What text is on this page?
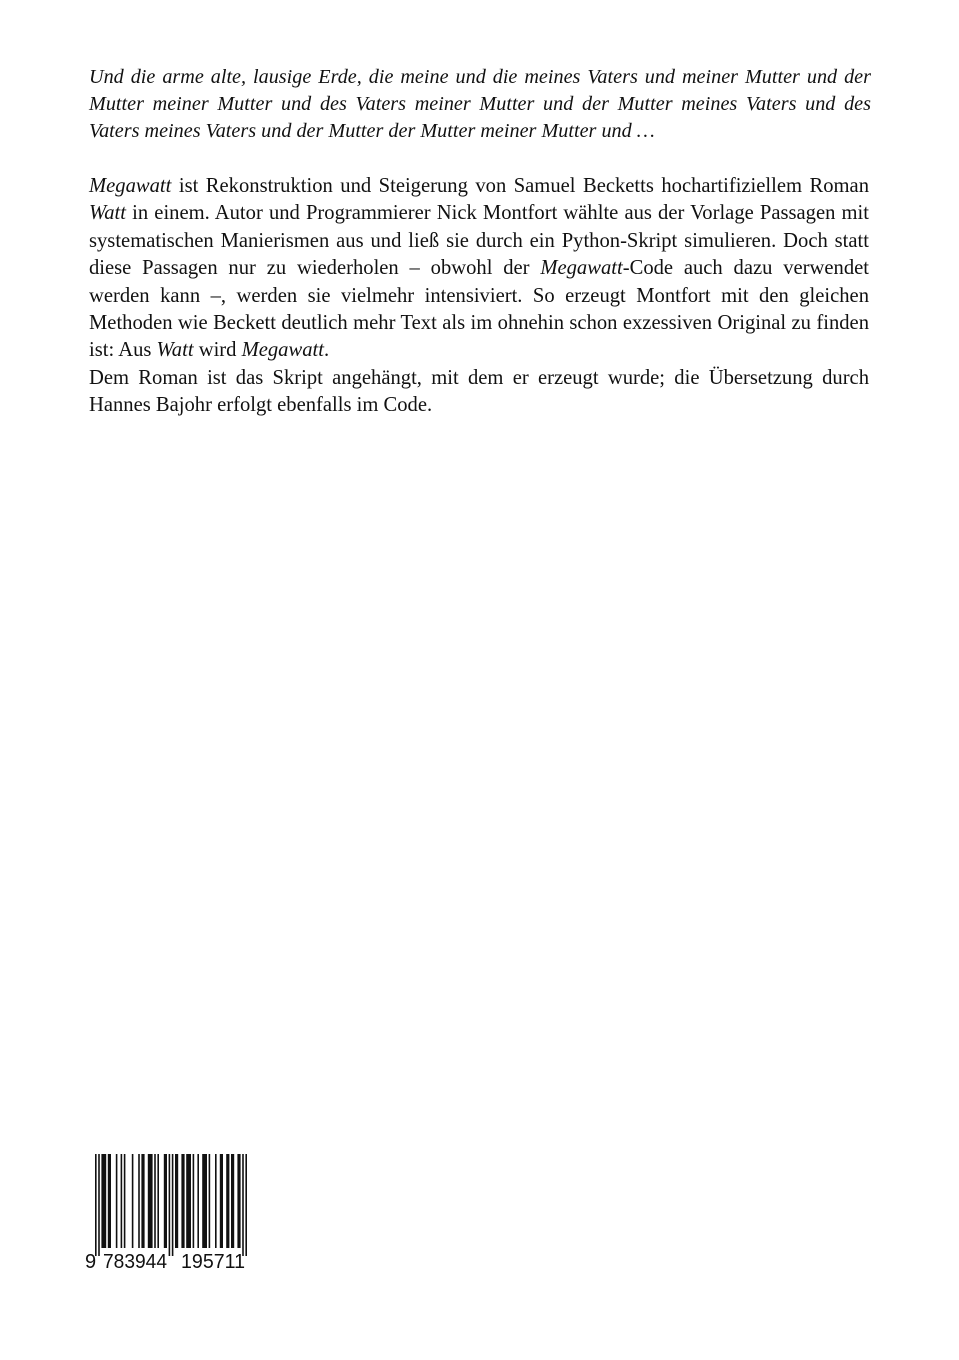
Und die arme alte, lausige Erde, die meine und die meines Vaters und meiner Mutter und der Mutter meiner Mutter und des Vaters meiner Mutter und der Mutter meines Vaters und des Vaters meines Vaters und der Mutter der Mutter meiner Mutter und …

Megawatt ist Rekonstruktion und Steigerung von Samuel Becketts hochartifiziellem Roman Watt in einem. Autor und Programmierer Nick Montfort wählte aus der Vorlage Passagen mit systematischen Manierismen aus und ließ sie durch ein Python-Skript simulieren. Doch statt diese Passagen nur zu wiederholen – obwohl der Megawatt-Code auch dazu verwendet werden kann –, werden sie vielmehr intensiviert. So erzeugt Montfort mit den gleichen Methoden wie Beckett deutlich mehr Text als im ohnehin schon exzessiven Original zu finden ist: Aus Watt wird Megawatt.

Dem Roman ist das Skript angehängt, mit dem er erzeugt wurde; die Übersetzung durch Hannes Bajohr erfolgt ebenfalls im Code.

9 783944 195711
